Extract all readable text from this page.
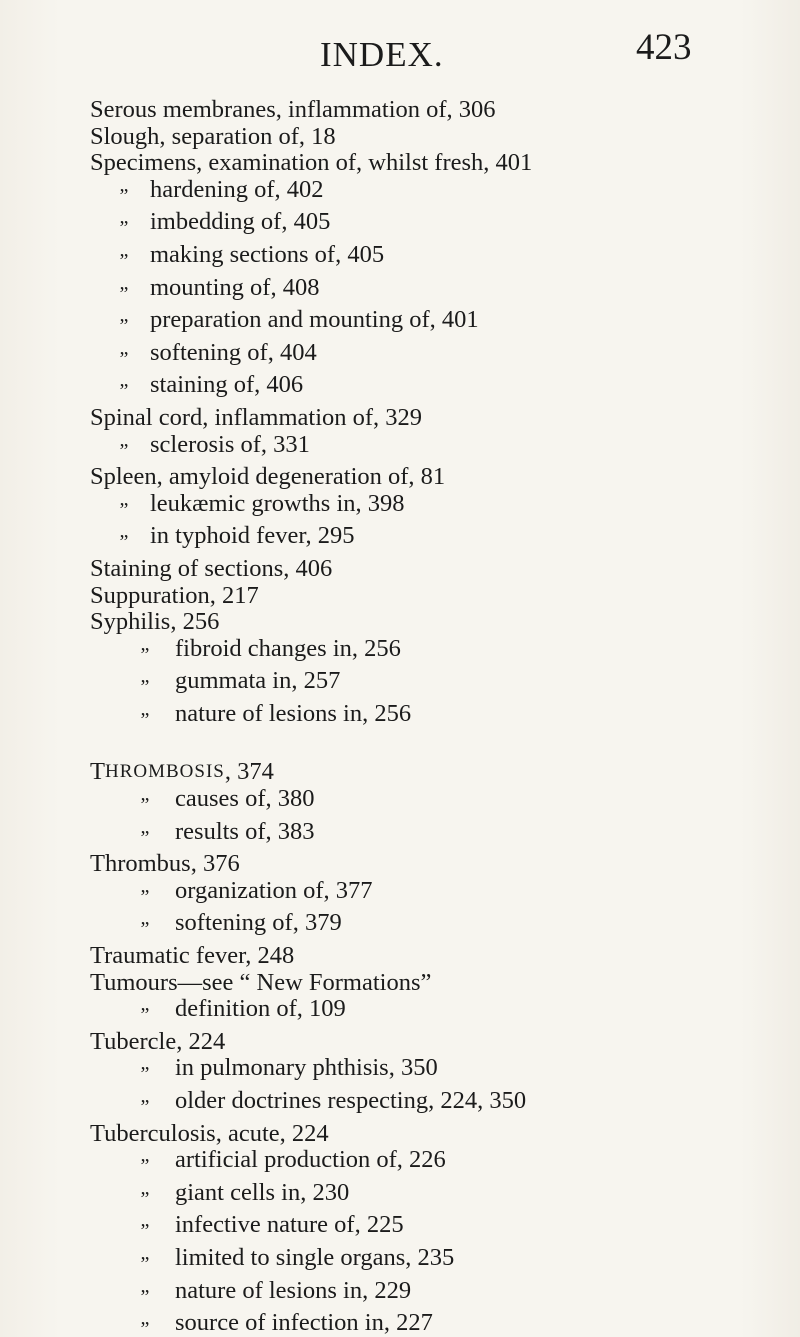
INDEX.	423
Serous membranes, inflammation of, 306
Slough, separation of, 18
Specimens, examination of, whilst fresh, 401
” hardening of, 402
” imbedding of, 405
” making sections of, 405
” mounting of, 408
” preparation and mounting of, 401
” softening of, 404
” staining of, 406
Spinal cord, inflammation of, 329
” sclerosis of, 331
Spleen, amyloid degeneration of, 81
” leukæmic growths in, 398
” in typhoid fever, 295
Staining of sections, 406
Suppuration, 217
Syphilis, 256
”	fibroid changes in, 256
”	gummata in, 257
”	nature of lesions in, 256
T HROMBOSIS , 374
”	causes of, 380
”	results of, 383
Thrombus, 376
”	organization of, 377
”	softening of, 379
Traumatic fever, 248
Tumours—see “ New Formations”
”	definition of, 109
Tubercle, 224
”	in pulmonary phthisis, 350
”	older doctrines respecting, 224, 350
Tuberculosis, acute, 224
”	artificial production of, 226
”	giant cells in, 230
”	infective nature of, 225
”	limited to single organs, 235
”	nature of lesions in, 229
”	source of infection in, 227
